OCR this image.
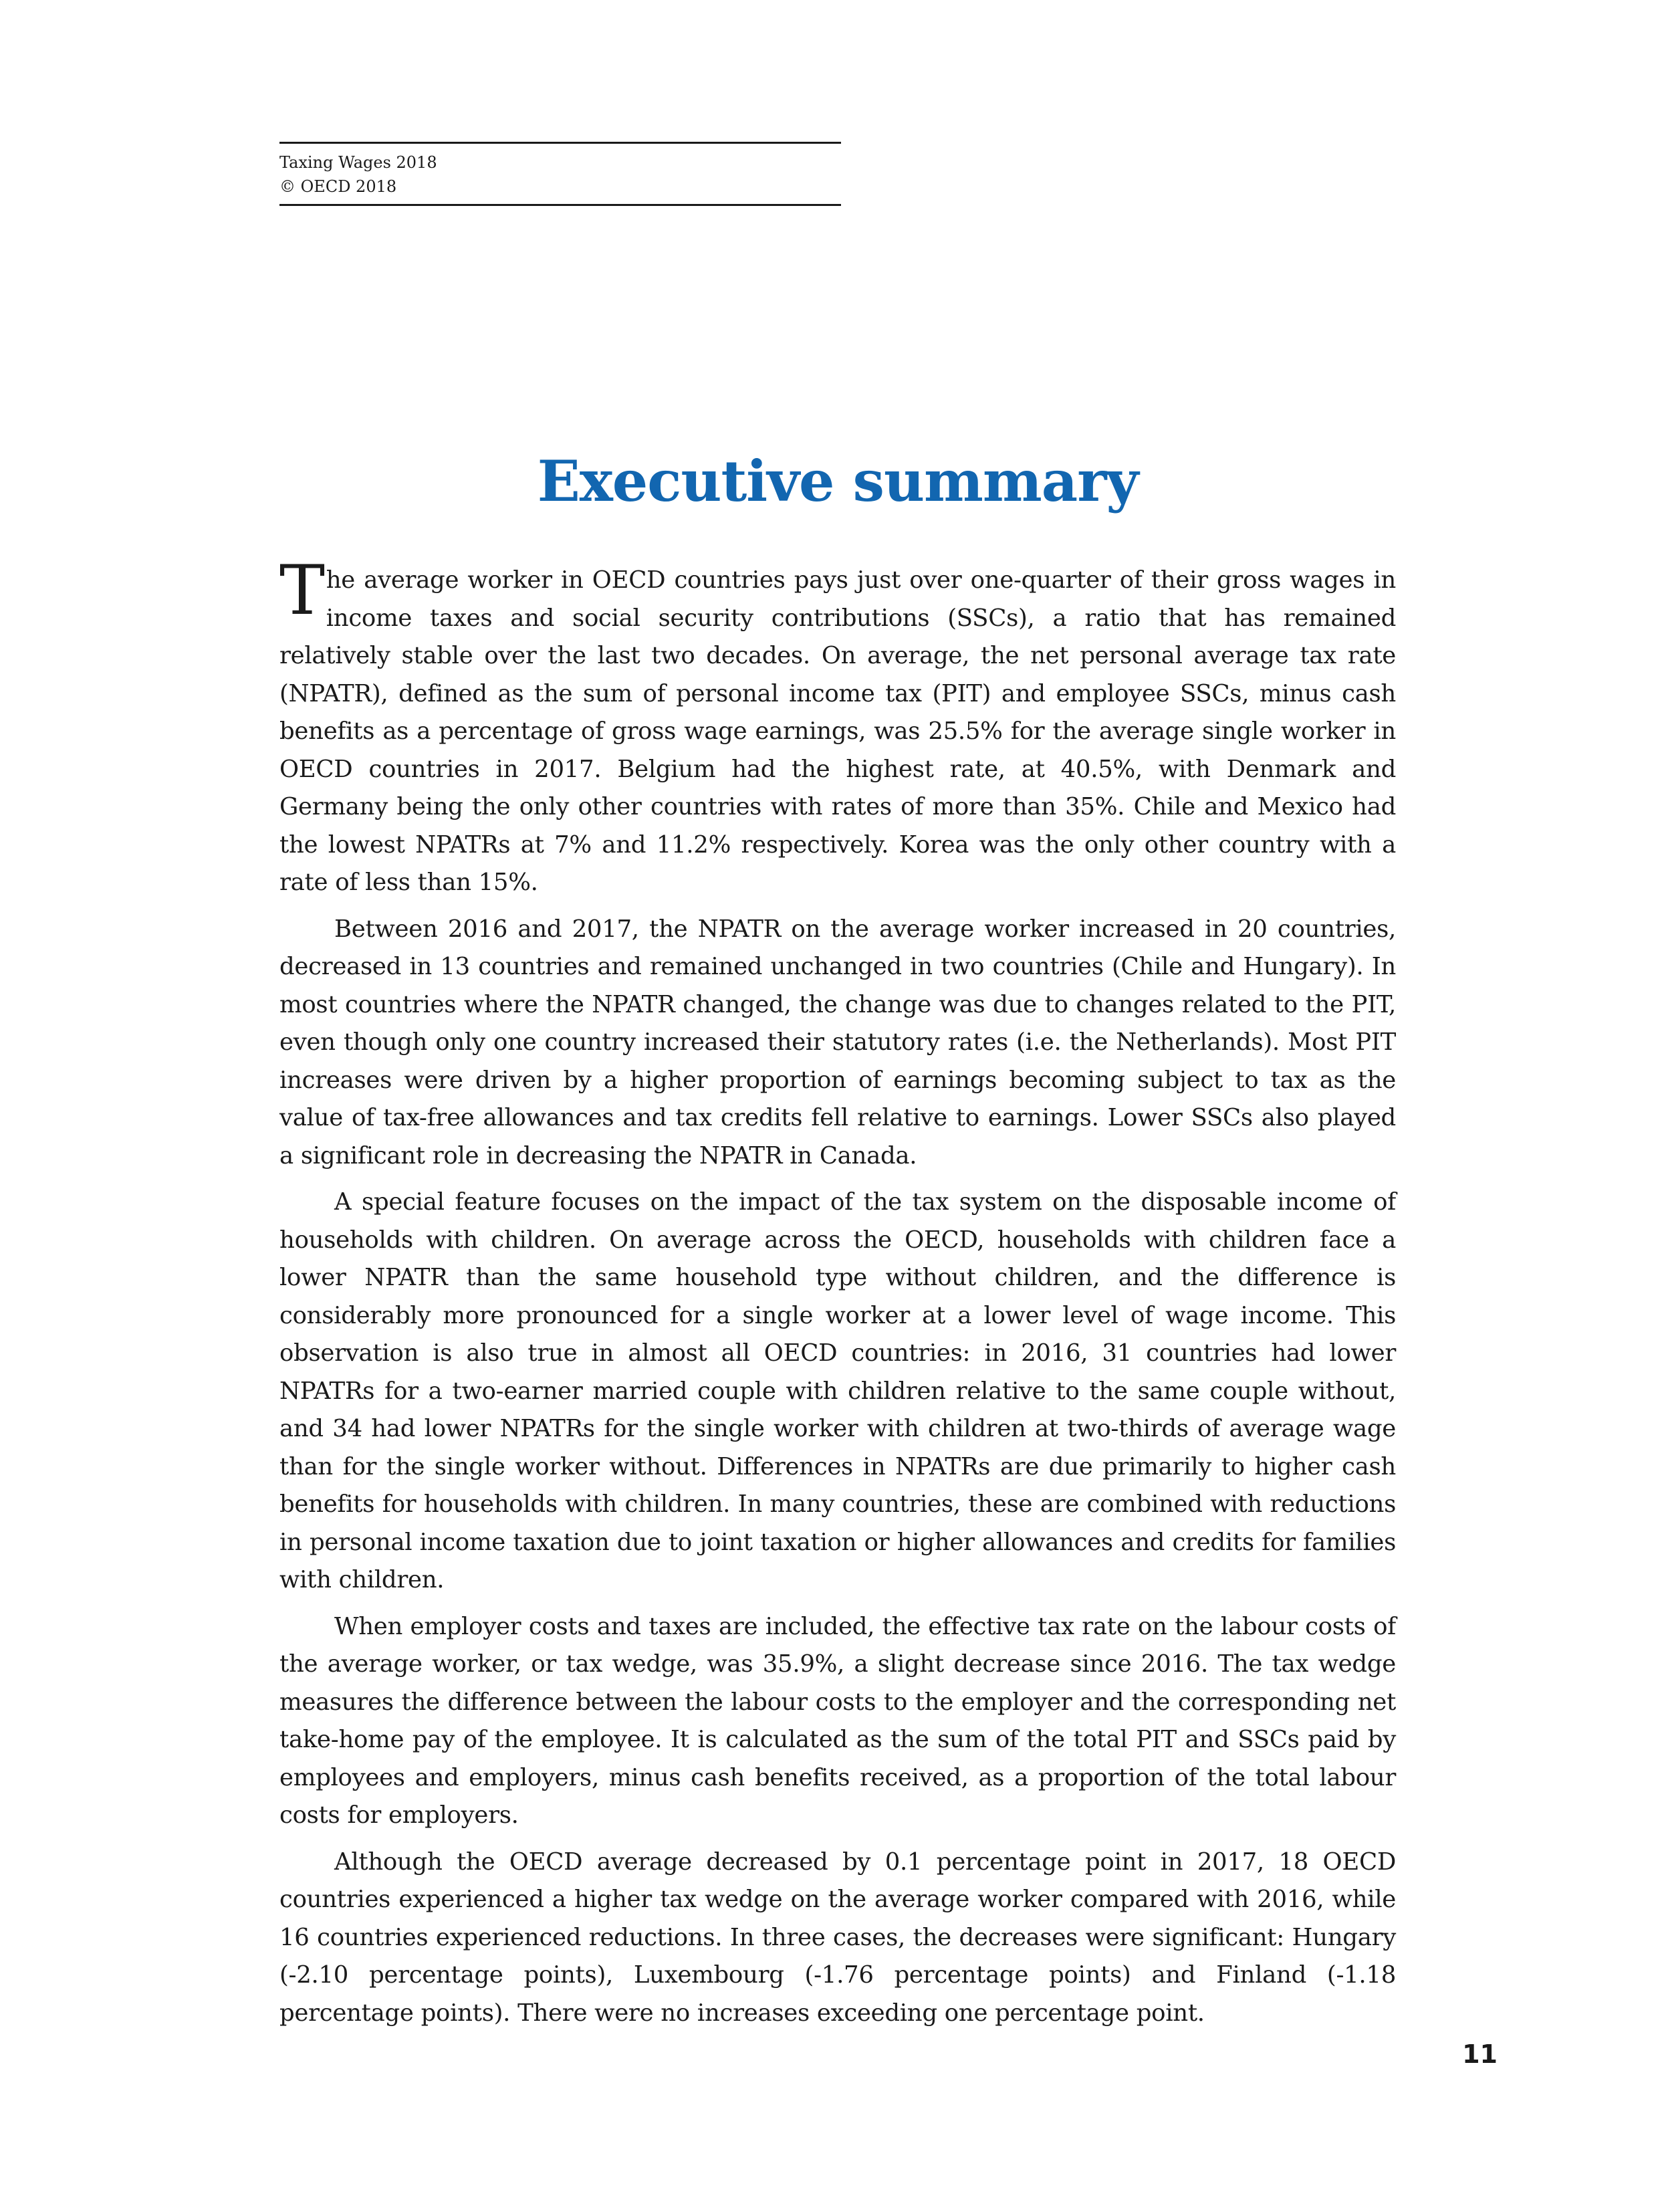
Taxing Wages 2018
© OECD 2018
Executive summary

The average worker in OECD countries pays just over one-quarter of their gross wages in income taxes and social security contributions (SSCs), a ratio that has remained relatively stable over the last two decades. On average, the net personal average tax rate (NPATR), defined as the sum of personal income tax (PIT) and employee SSCs, minus cash benefits as a percentage of gross wage earnings, was 25.5% for the average single worker in OECD countries in 2017. Belgium had the highest rate, at 40.5%, with Denmark and Germany being the only other countries with rates of more than 35%. Chile and Mexico had the lowest NPATRs at 7% and 11.2% respectively. Korea was the only other country with a rate of less than 15%.

Between 2016 and 2017, the NPATR on the average worker increased in 20 countries, decreased in 13 countries and remained unchanged in two countries (Chile and Hungary). In most countries where the NPATR changed, the change was due to changes related to the PIT, even though only one country increased their statutory rates (i.e. the Netherlands). Most PIT increases were driven by a higher proportion of earnings becoming subject to tax as the value of tax-free allowances and tax credits fell relative to earnings. Lower SSCs also played a significant role in decreasing the NPATR in Canada.

A special feature focuses on the impact of the tax system on the disposable income of households with children. On average across the OECD, households with children face a lower NPATR than the same household type without children, and the difference is considerably more pronounced for a single worker at a lower level of wage income. This observation is also true in almost all OECD countries: in 2016, 31 countries had lower NPATRs for a two-earner married couple with children relative to the same couple without, and 34 had lower NPATRs for the single worker with children at two-thirds of average wage than for the single worker without. Differences in NPATRs are due primarily to higher cash benefits for households with children. In many countries, these are combined with reductions in personal income taxation due to joint taxation or higher allowances and credits for families with children.

When employer costs and taxes are included, the effective tax rate on the labour costs of the average worker, or tax wedge, was 35.9%, a slight decrease since 2016. The tax wedge measures the difference between the labour costs to the employer and the corresponding net take-home pay of the employee. It is calculated as the sum of the total PIT and SSCs paid by employees and employers, minus cash benefits received, as a proportion of the total labour costs for employers.

Although the OECD average decreased by 0.1 percentage point in 2017, 18 OECD countries experienced a higher tax wedge on the average worker compared with 2016, while 16 countries experienced reductions. In three cases, the decreases were significant: Hungary (-2.10 percentage points), Luxembourg (-1.76 percentage points) and Finland (-1.18 percentage points). There were no increases exceeding one percentage point.

11
